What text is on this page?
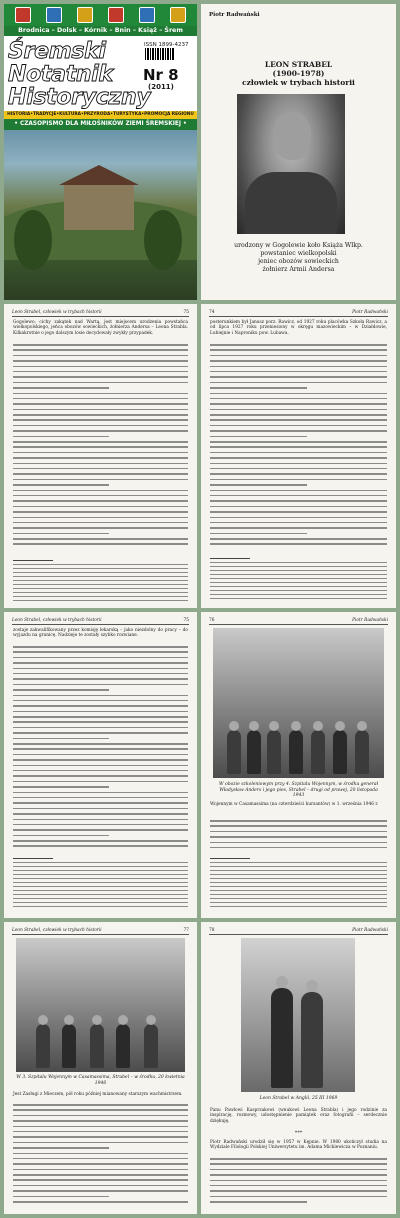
Brodnica – Dolsk – Kórnik – Bnin – Książ – Śrem
Śremski
Notatnik
Historyczny
ISSN 1899-4237
Nr 8
(2011)
HISTORIA•TRADYCJE•KULTURA•PRZYRODA•TURYSTYKA•PROMOCJA REGIONU
• CZASOPISMO DLA MIŁOŚNIKÓW ZIEMI ŚREMSKIEJ •
Piotr Radwański
LEON STRABEL
(1900-1978)
człowiek w trybach historii
urodzony w Gogolewie koło Książa Wlkp.
powstaniec wielkopolski
jeniec obozów sowieckich
żołnierz Armii Andersa
Leon Strabel, człowiek w trybach historii	75
Gogolewo, cichy zakątek nad Wartą, jest miejscem urodzenia powstańca wielkopolskiego, jeńca obozów sowieckich, żołnierza Andersa – Leona Strabla. Kilkakrotnie o jego dalszym losie decydowały zwykły przypadek.
74	Piotr Radwański
posterunkiem był Janusz porz. Rawicz, od 1927 roku placówka Szkoła Rawicz, a od lipca 1927 roku przeniesiony w okręgu mazowieckim – w Działdowie, Lubiejnie i Naproniku pow. Lubawa.
Leon Strabel, człowiek w trybach historii	75
zostaje zakwalifikowany przez komisję lekarską – jako niezdolny do pracy – do wyjazdu na granicę. Nadzieje te zostały szybko rozwiane.
76	Piotr Radwański
W obozie szkoleniowym przy 4. Szpitalu Wojennym, w środku generał Władysław Anders i jego pies, Strabel – drugi od prawej, 20 listopada 1943
Wojennym w Casamassima (na czterdzieści kursantów) w 1. września 1946 r.
Leon Strabel, człowiek w trybach historii	77
W 3. Szpitalu Wojennym w Casamassima, Strabel – w środku, 20 kwietnia 1946
Jest Zasługi z Mieczem, pół roku później mianowany starszym wachmistrzem.
78	Piotr Radwański
Leon Strabel w Anglii, 25 III 1969
Panu Pawłowi Kasprzakowi (wnukowi Leona Strabla) i jego rodzinie za inspirację, rozmowy, udostępnienie pamiątek oraz fotografii – serdecznie dziękuję.
***
Piotr Radwański urodził się w 1957 w Kępnie. W 1980 ukończył studia na Wydziale Filologii Polskiej Uniwersytetu im. Adama Mickiewicza w Poznaniu.
